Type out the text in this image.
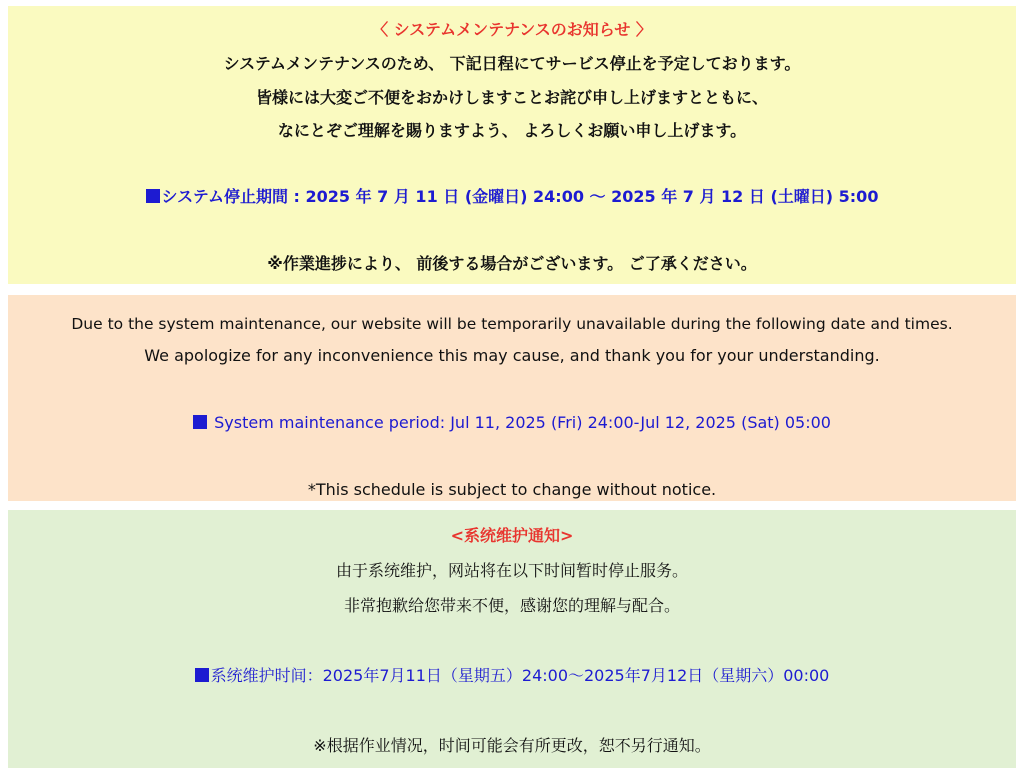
〈 システムメンテナンスのお知らせ 〉
システムメンテナンスのため、 下記日程にてサービス停止を予定しております。
皆様には大変ご不便をおかけしますことお詫び申し上げますとともに、
なにとぞご理解を賜りますよう、 よろしくお願い申し上げます。
システム停止期間 : 2025 年 7 月 11 日 (金曜日) 24:00 ～ 2025 年 7 月 12 日 (土曜日) 5:00
※作業進捗により、 前後する場合がございます。 ご了承ください。
Due to the system maintenance, our website will be temporarily unavailable during the following date and times.
We apologize for any inconvenience this may cause, and thank you for your understanding.
System maintenance period: Jul 11, 2025 (Fri) 24:00-Jul 12, 2025 (Sat) 05:00
*This schedule is subject to change without notice.
<系统维护通知>
由于系统维护，网站将在以下时间暂时停止服务。
非常抱歉给您带来不便，感谢您的理解与配合。
系统维护时间：2025年7月11日（星期五）24:00～2025年7月12日（星期六）00:00
※根据作业情况，时间可能会有所更改，恕不另行通知。
